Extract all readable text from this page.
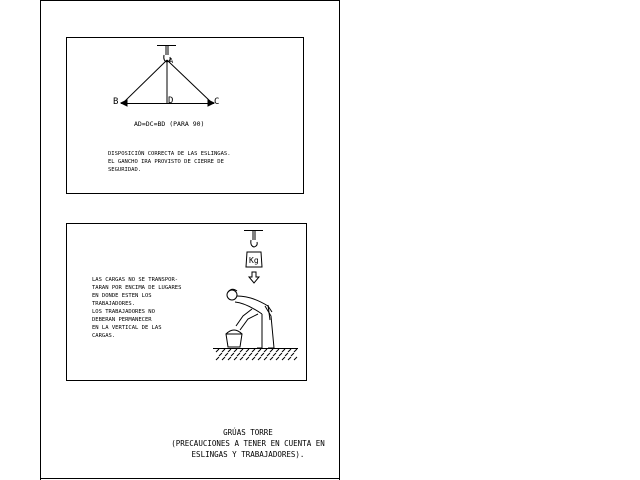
A
B	C
D
AD=DC=BD (PARA 90)
DISPOSICIÓN CORRECTA DE LAS ESLINGAS.
EL GANCHO IRA PROVISTO DE CIERRE DE
SEGURIDAD.
Kg
LAS CARGAS NO SE TRANSPOR-
TARAN POR ENCIMA DE LUGARES
EN DONDE ESTEN LOS
TRABAJADORES.
LOS TRABAJADORES NO
DEBERAN PERMANECER
EN LA VERTICAL DE LAS
CARGAS.
GRÚAS TORRE
(PRECAUCIONES A TENER EN CUENTA EN
ESLINGAS Y TRABAJADORES).
